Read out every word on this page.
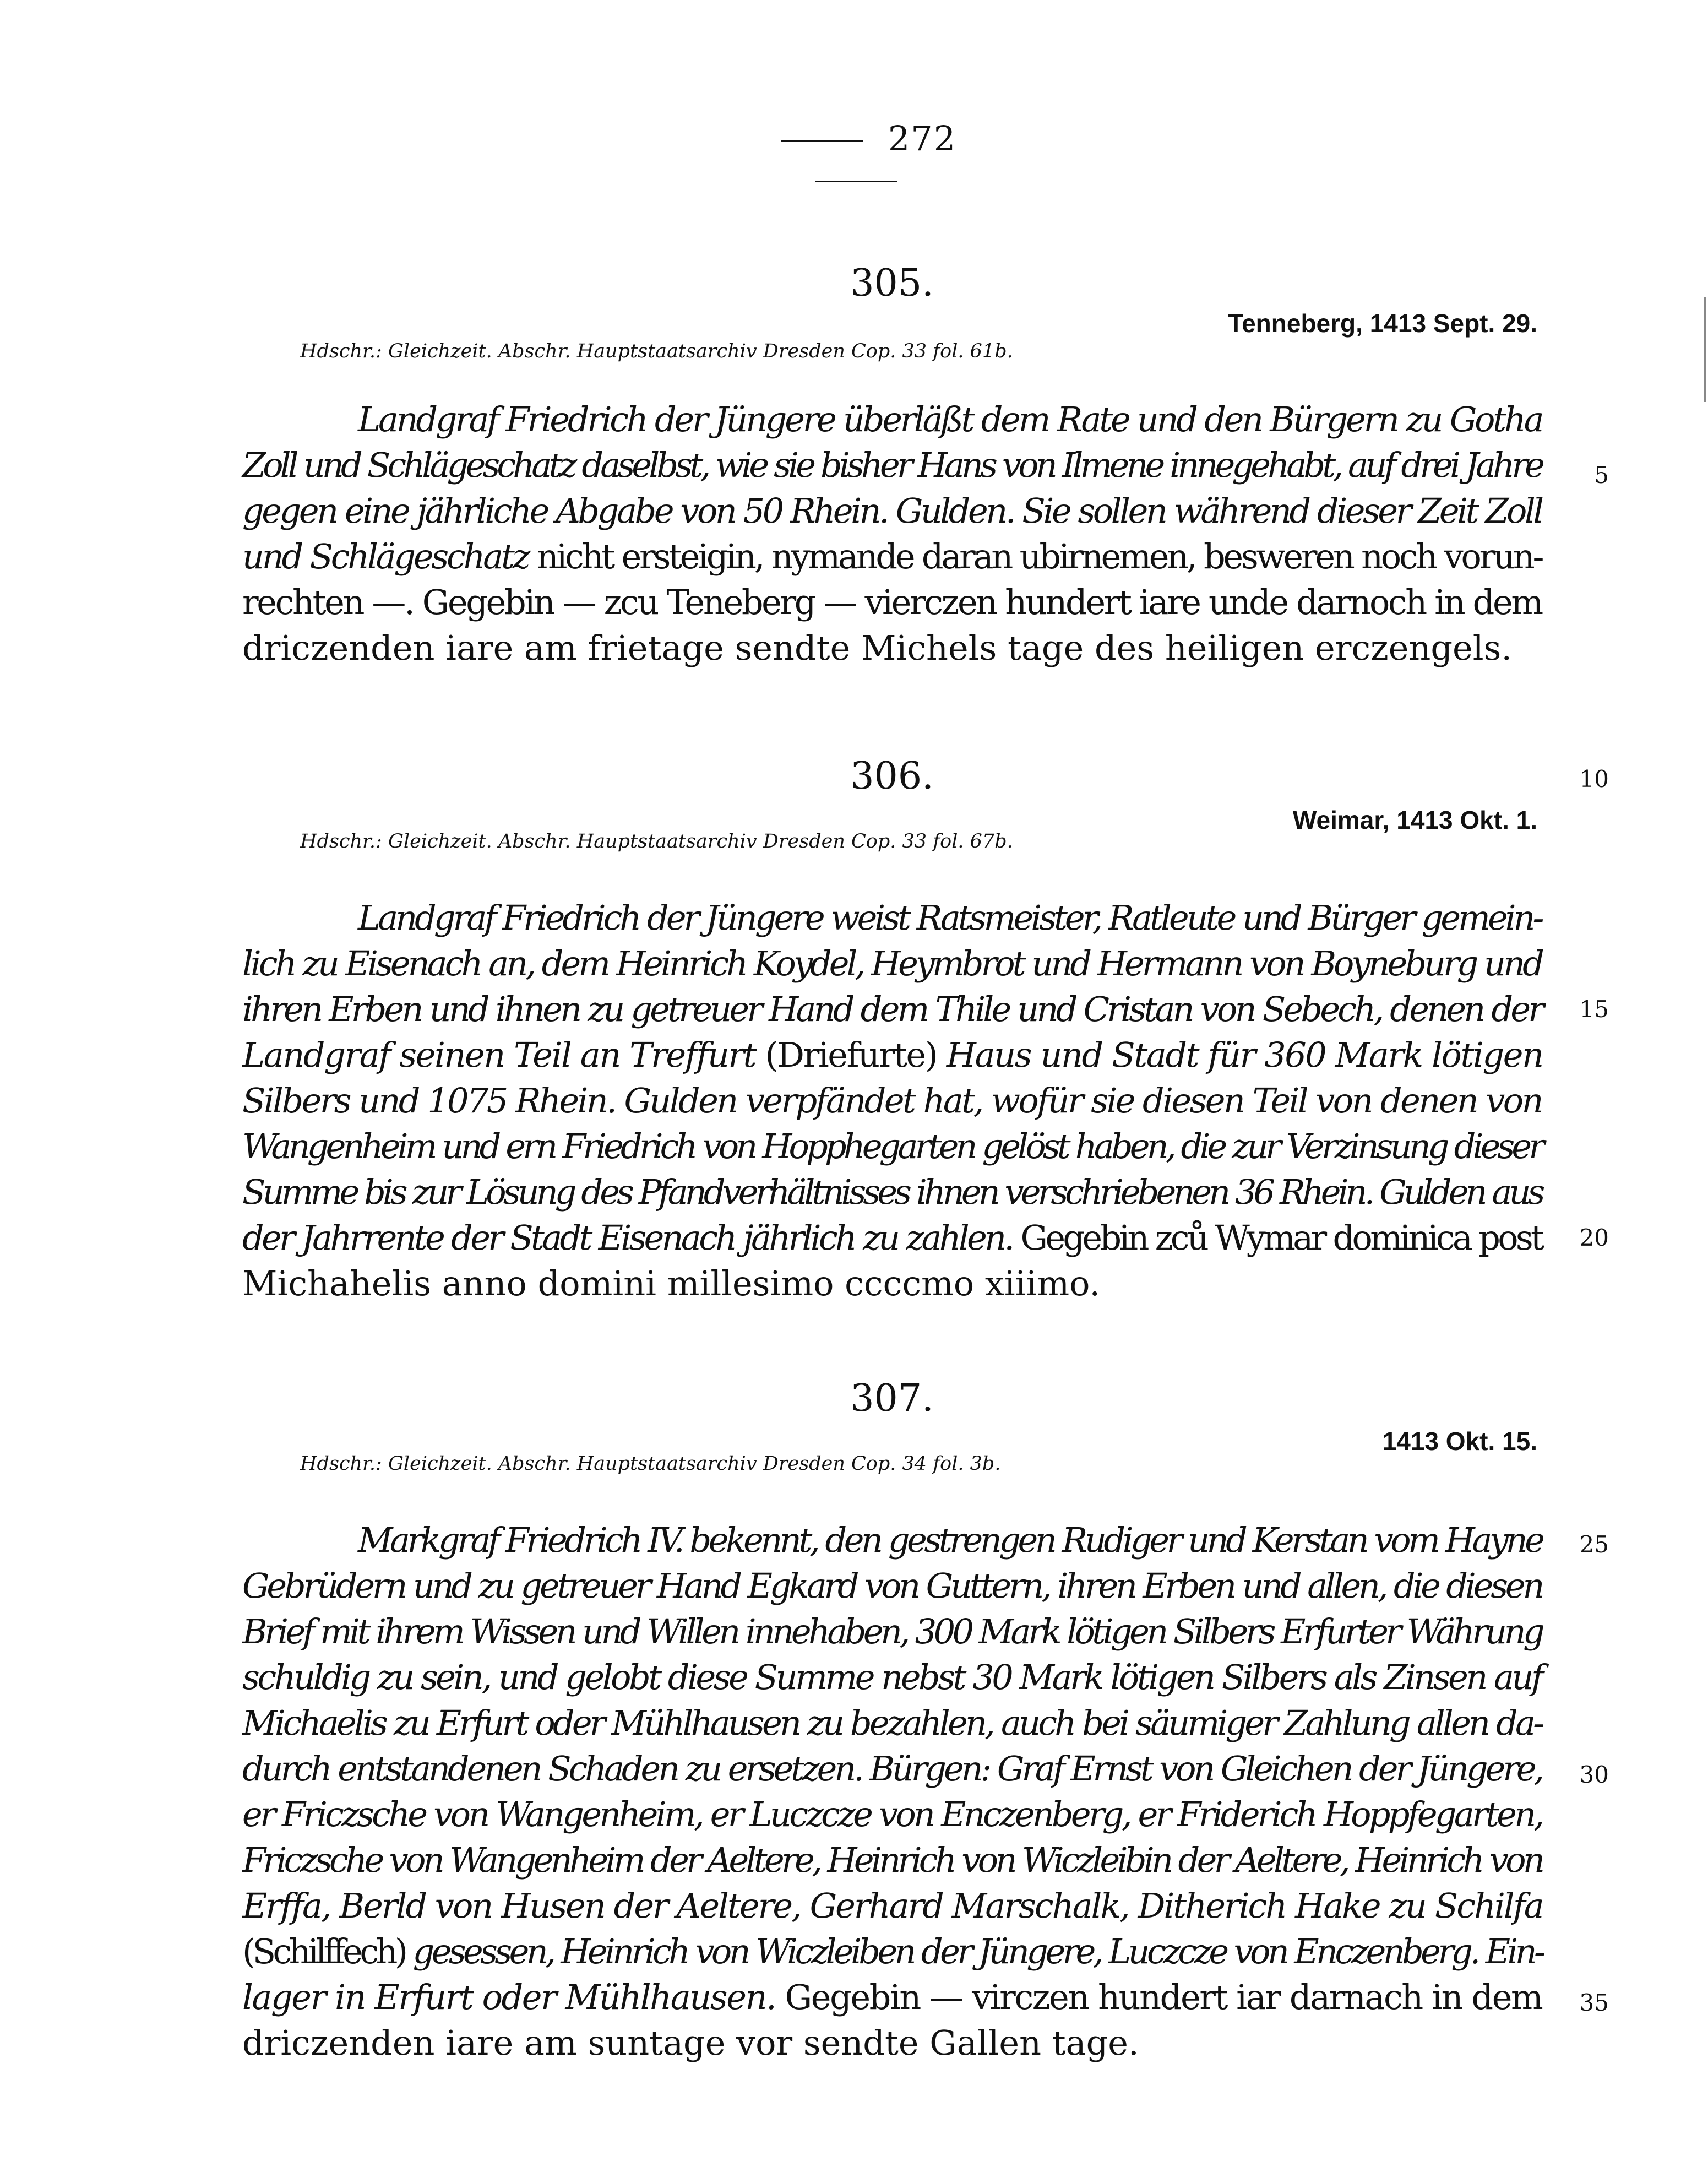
272
305.
Tenneberg, 1413 Sept. 29.
Hdschr.: Gleichzeit. Abschr. Hauptstaatsarchiv Dresden Cop. 33 fol. 61b.
Landgraf Friedrich der Jüngere überläßt dem Rate und den Bürgern zu Gotha
Zoll und Schlägeschatz daselbst, wie sie bisher Hans von Ilmene innegehabt, auf drei Jahre
gegen eine jährliche Abgabe von 50 Rhein. Gulden. Sie sollen während dieser Zeit Zoll
und Schlägeschatz nicht ersteigin, nymande daran ubirnemen, besweren noch vorun-
rechten —. Gegebin — zcu Teneberg — vierczen hundert iare unde darnoch in dem
driczenden iare am frietage sendte Michels tage des heiligen erczengels.
306.
Weimar, 1413 Okt. 1.
Hdschr.: Gleichzeit. Abschr. Hauptstaatsarchiv Dresden Cop. 33 fol. 67b.
Landgraf Friedrich der Jüngere weist Ratsmeister, Ratleute und Bürger gemein-
lich zu Eisenach an, dem Heinrich Koydel, Heymbrot und Hermann von Boyneburg und
ihren Erben und ihnen zu getreuer Hand dem Thile und Cristan von Sebech, denen der
Landgraf seinen Teil an Treffurt (Driefurte) Haus und Stadt für 360 Mark lötigen
Silbers und 1075 Rhein. Gulden verpfändet hat, wofür sie diesen Teil von denen von
Wangenheim und ern Friedrich von Hopphegarten gelöst haben, die zur Verzinsung dieser
Summe bis zur Lösung des Pfandverhältnisses ihnen verschriebenen 36 Rhein. Gulden aus
der Jahrrente der Stadt Eisenach jährlich zu zahlen. Gegebin zců Wymar dominica post
Michahelis anno domini millesimo ccccmo xiiimo.
307.
1413 Okt. 15.
Hdschr.: Gleichzeit. Abschr. Hauptstaatsarchiv Dresden Cop. 34 fol. 3b.
Markgraf Friedrich IV. bekennt, den gestrengen Rudiger und Kerstan vom Hayne
Gebrüdern und zu getreuer Hand Egkard von Guttern, ihren Erben und allen, die diesen
Brief mit ihrem Wissen und Willen innehaben, 300 Mark lötigen Silbers Erfurter Währung
schuldig zu sein, und gelobt diese Summe nebst 30 Mark lötigen Silbers als Zinsen auf
Michaelis zu Erfurt oder Mühlhausen zu bezahlen, auch bei säumiger Zahlung allen da-
durch entstandenen Schaden zu ersetzen. Bürgen: Graf Ernst von Gleichen der Jüngere,
er Friczsche von Wangenheim, er Luczcze von Enczenberg, er Friderich Hoppfegarten,
Friczsche von Wangenheim der Aeltere, Heinrich von Wiczleibin der Aeltere, Heinrich von
Erffa, Berld von Husen der Aeltere, Gerhard Marschalk, Ditherich Hake zu Schilfa
(Schilffech) gesessen, Heinrich von Wiczleiben der Jüngere, Luczcze von Enczenberg. Ein-
lager in Erfurt oder Mühlhausen. Gegebin — virczen hundert iar darnach in dem
driczenden iare am suntage vor sendte Gallen tage.
5
10
15
20
25
30
35
